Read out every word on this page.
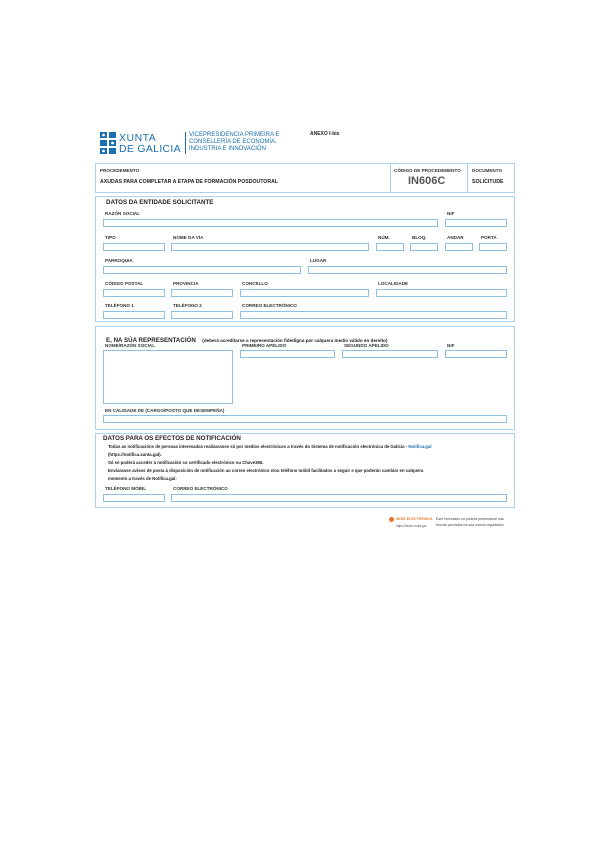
XUNTA
DE GALICIA
VICEPRESIDENCIA PRIMEIRA E
CONSELLERÍA DE ECONOMÍA,
INDUSTRIA E INNOVACIÓN
ANEXO I-bis
PROCEDEMENTO
AXUDAS PARA COMPLETAR A ETAPA DE FORMACIÓN POSDOUTORAL
CÓDIGO DE PROCEDEMENTO
IN606C
DOCUMENTO
SOLICITUDE
DATOS DA ENTIDADE SOLICITANTE
RAZÓN SOCIAL	NIF
TIPO	NOME DA VÍA	NÚM.	BLOQ.	ANDAR	PORTA
PARROQUIA	LUGAR
CÓDIGO POSTAL	PROVINCIA	CONCELLO	LOCALIDADE
TELÉFONO 1	TELÉFONO 2	CORREO ELECTRÓNICO
E, NA SÚA REPRESENTACIÓN (deberá acreditarse a representación fidedigna por calquera medio válido en dereito)
NOME/RAZÓN SOCIAL	PRIMEIRO APELIDO	SEGUNDO APELIDO	NIF
EN CALIDADE DE (CARGO/POSTO QUE DESEMPEÑA)
DATOS PARA OS EFECTOS DE NOTIFICACIÓN
Todas as notificacións de persoas interesadas realizaranse só por medios electrónicos a través do Sistema de notificación electrónica de Galicia - Notifica.gal
(https://notifica.xunta.gal).
Só se poderá acceder á notificación co certificado electrónico ou Chave365.
Enviaranse avisos de posta á disposición de notificación ao correo electrónico e/ou teléfono móbil facilitados a seguir e que poderán cambiar en calquera
momento a través de Notifica.gal:
TELÉFONO MÓBIL	CORREO ELECTRÓNICO
SEDE ELECTRÓNICA
https://sede.xunta.gal
Este formulario só poderá presentarse nas
formas previstas na súa norma reguladora
